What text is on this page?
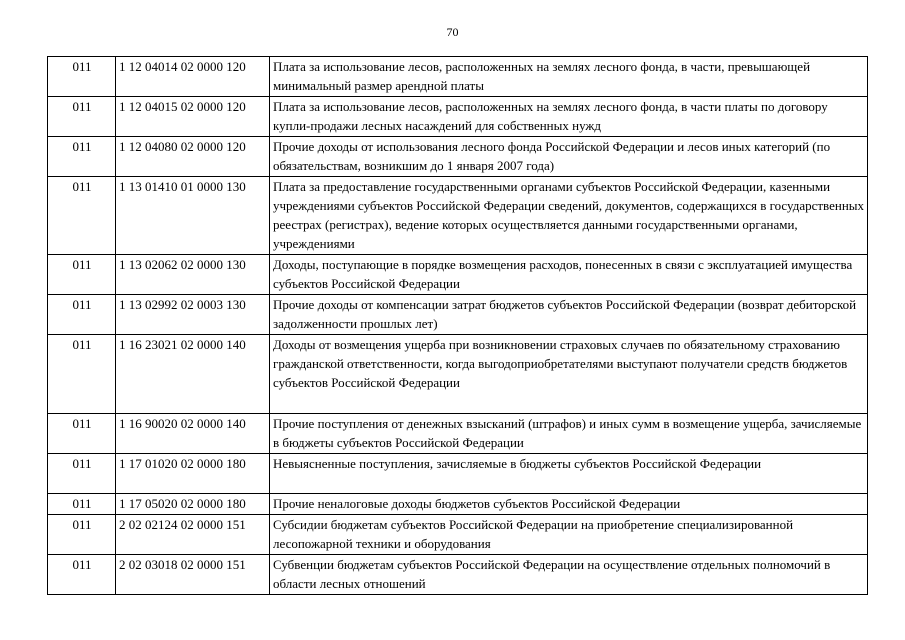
70
011	1 12 04014 02 0000 120	Плата за использование лесов, расположенных на землях лесного фонда, в части, превышающей минимальный размер арендной платы
011	1 12 04015 02 0000 120	Плата за использование лесов, расположенных на землях лесного фонда, в части платы по договору купли-продажи лесных насаждений для собственных нужд
011	1 12 04080 02 0000 120	Прочие доходы от использования лесного фонда Российской Федерации и лесов иных категорий (по обязательствам, возникшим до 1 января 2007 года)
011	1 13 01410 01 0000 130	Плата за предоставление государственными органами субъектов Российской Федерации, казенными учреждениями субъектов Российской Федерации сведений, документов, содержащихся в государственных реестрах (регистрах), ведение которых осуществляется данными государственными органами, учреждениями
011	1 13 02062 02 0000 130	Доходы, поступающие в порядке возмещения расходов, понесенных в связи с эксплуатацией имущества субъектов Российской Федерации
011	1 13 02992 02 0003 130	Прочие доходы от компенсации затрат бюджетов субъектов Российской Федерации (возврат дебиторской задолженности прошлых лет)
011	1 16 23021 02 0000 140	Доходы от возмещения ущерба при возникновении страховых случаев по обязательному страхованию гражданской ответственности, когда выгодоприобретателями выступают получатели средств бюджетов субъектов Российской Федерации
011	1 16 90020 02 0000 140	Прочие поступления от денежных взысканий (штрафов) и иных сумм в возмещение ущерба, зачисляемые в бюджеты субъектов Российской Федерации
011	1 17 01020 02 0000 180	Невыясненные поступления, зачисляемые в бюджеты субъектов Российской Федерации
011	1 17 05020 02 0000 180	Прочие неналоговые доходы бюджетов субъектов Российской Федерации
011	2 02 02124 02 0000 151	Субсидии бюджетам субъектов Российской Федерации на приобретение специализированной лесопожарной техники и оборудования
011	2 02 03018 02 0000 151	Субвенции бюджетам субъектов Российской Федерации на осуществление отдельных полномочий в области лесных отношений
